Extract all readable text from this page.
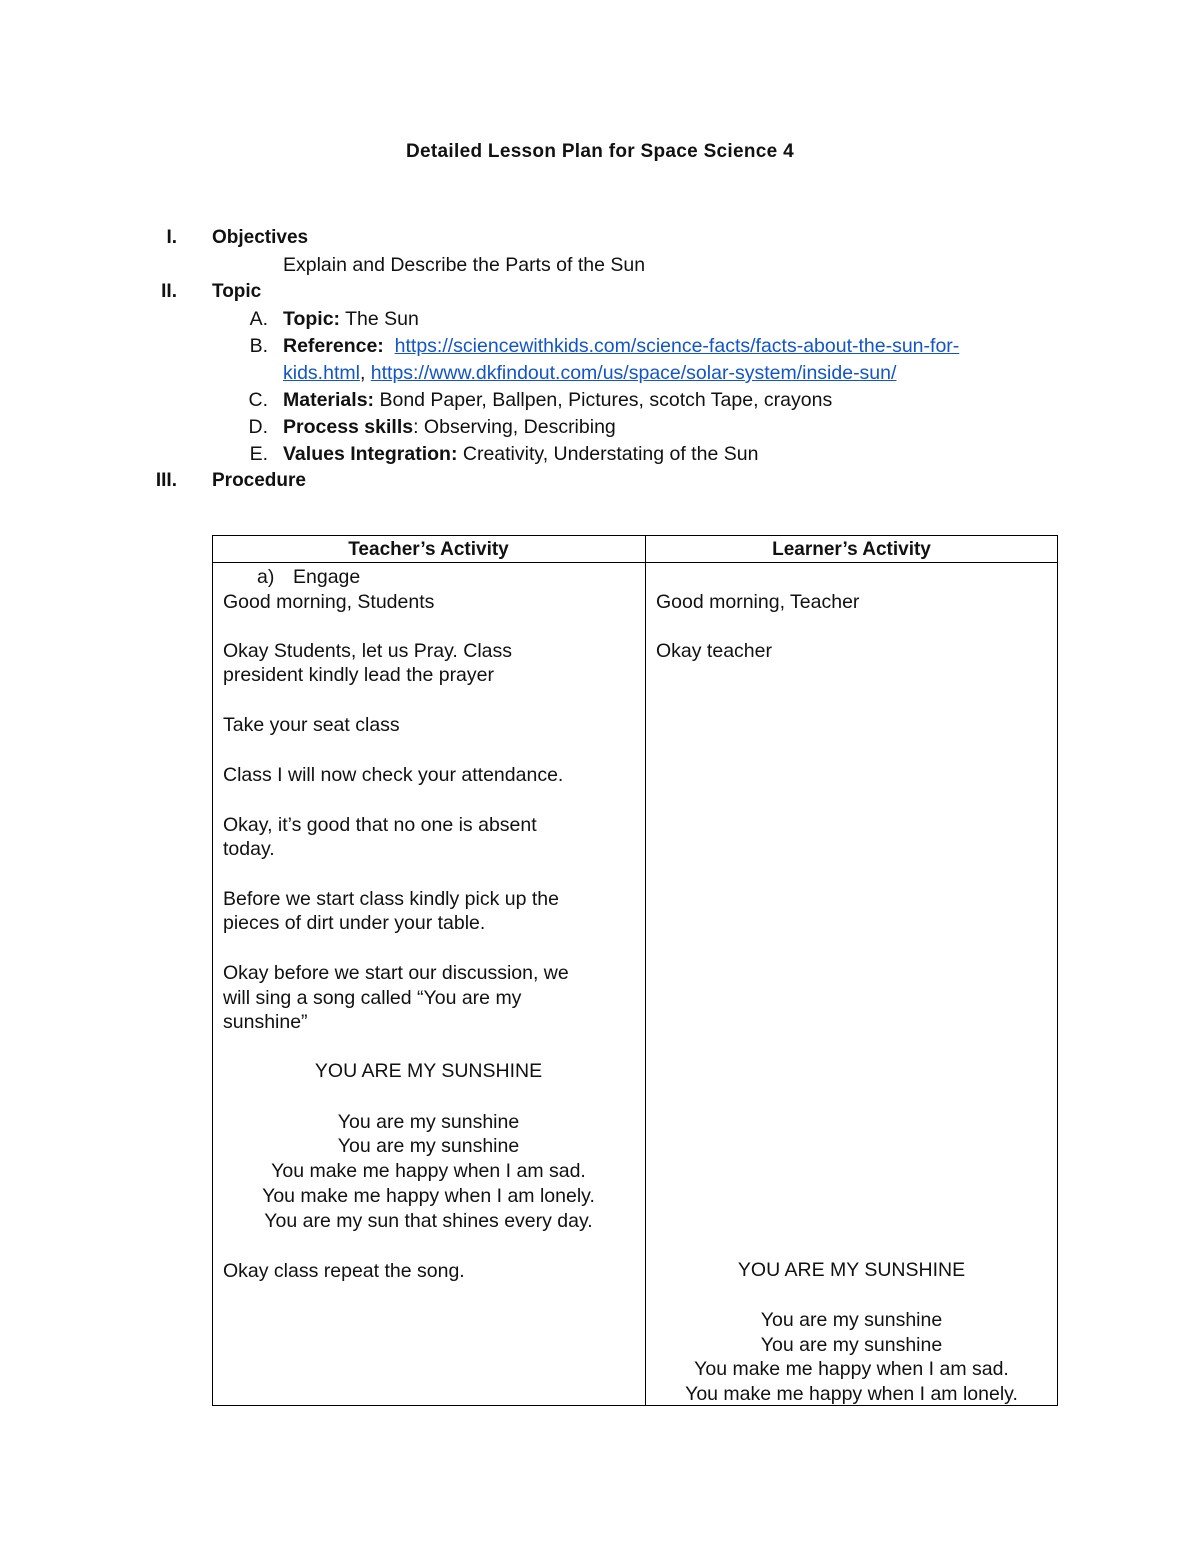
Detailed Lesson Plan for Space Science 4
I. Objectives
Explain and Describe the Parts of the Sun
II. Topic
A. Topic: The Sun
B. Reference: https://sciencewithkids.com/science-facts/facts-about-the-sun-for-
kids.html, https://www.dkfindout.com/us/space/solar-system/inside-sun/
C. Materials: Bond Paper, Ballpen, Pictures, scotch Tape, crayons
D. Process skills: Observing, Describing
E. Values Integration: Creativity, Understating of the Sun
III. Procedure
Teacher’s Activity	Learner’s Activity
a) Engage
Good morning, Students
Okay Students, let us Pray. Class
president kindly lead the prayer
Take your seat class
Class I will now check your attendance.
Okay, it’s good that no one is absent
today.
Before we start class kindly pick up the
pieces of dirt under your table.
Okay before we start our discussion, we
will sing a song called “You are my
sunshine”
YOU ARE MY SUNSHINE
You are my sunshine
You are my sunshine
You make me happy when I am sad.
You make me happy when I am lonely.
You are my sun that shines every day.
Okay class repeat the song.
Good morning, Teacher
Okay teacher
YOU ARE MY SUNSHINE
You are my sunshine
You are my sunshine
You make me happy when I am sad.
You make me happy when I am lonely.
